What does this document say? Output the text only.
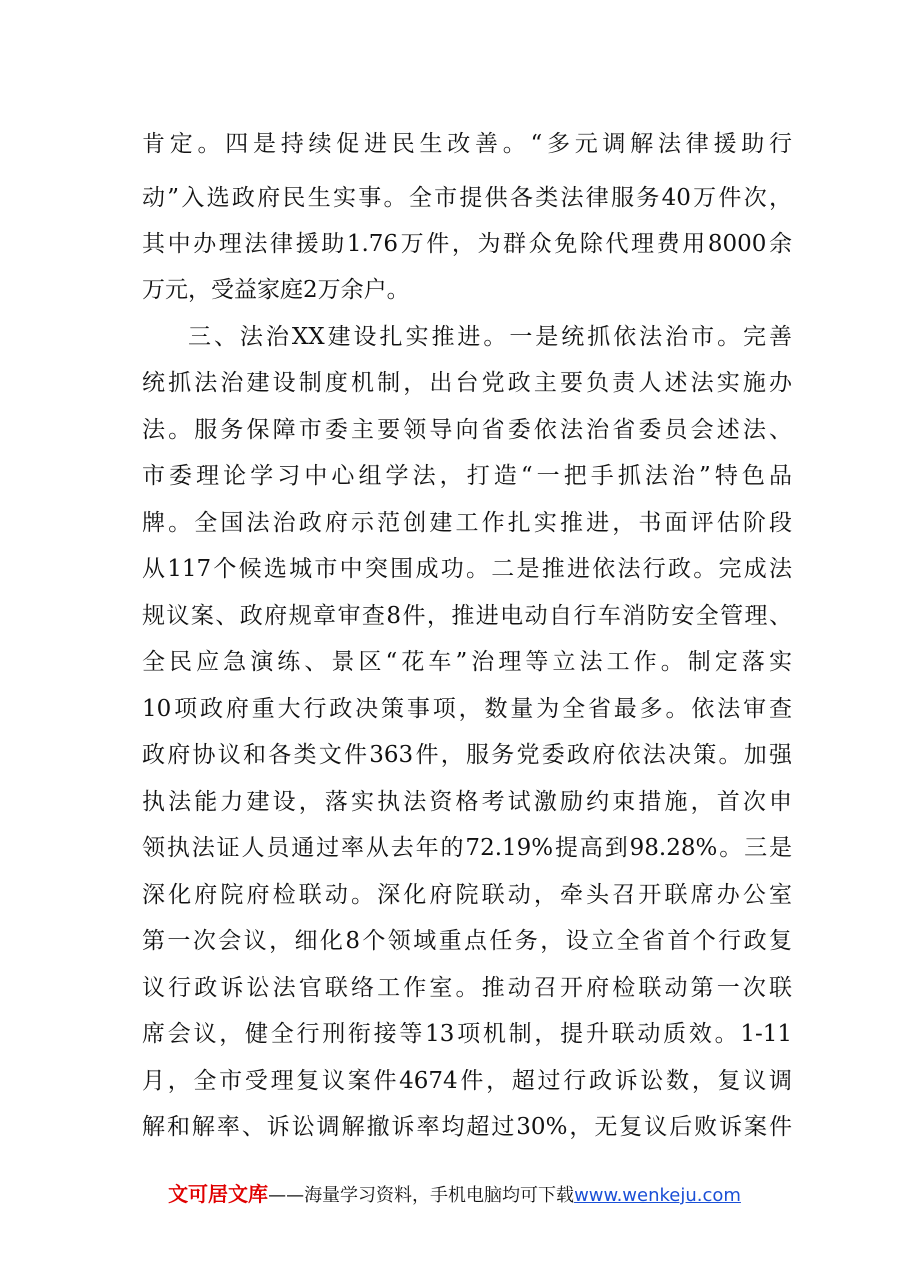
肯定。四是持续促进民生改善。“多元调解法律援助行
动”入选政府民生实事。全市提供各类法律服务40万件次，
其中办理法律援助1.76万件，为群众免除代理费用8000余
万元，受益家庭2万余户。
三、法治XX建设扎实推进。一是统抓依法治市。完善
统抓法治建设制度机制，出台党政主要负责人述法实施办
法。服务保障市委主要领导向省委依法治省委员会述法、
市委理论学习中心组学法，打造“一把手抓法治”特色品
牌。全国法治政府示范创建工作扎实推进，书面评估阶段
从117个候选城市中突围成功。二是推进依法行政。完成法
规议案、政府规章审查8件，推进电动自行车消防安全管理、
全民应急演练、景区“花车”治理等立法工作。制定落实
10项政府重大行政决策事项，数量为全省最多。依法审查
政府协议和各类文件363件，服务党委政府依法决策。加强
执法能力建设，落实执法资格考试激励约束措施，首次申
领执法证人员通过率从去年的72.19%提高到98.28%。三是
深化府院府检联动。深化府院联动，牵头召开联席办公室
第一次会议，细化8个领域重点任务，设立全省首个行政复
议行政诉讼法官联络工作室。推动召开府检联动第一次联
席会议，健全行刑衔接等13项机制，提升联动质效。1-11
月，全市受理复议案件4674件，超过行政诉讼数，复议调
解和解率、诉讼调解撤诉率均超过30%，无复议后败诉案件
文可居文库——海量学习资料，手机电脑均可下载www.wenkeju.com
